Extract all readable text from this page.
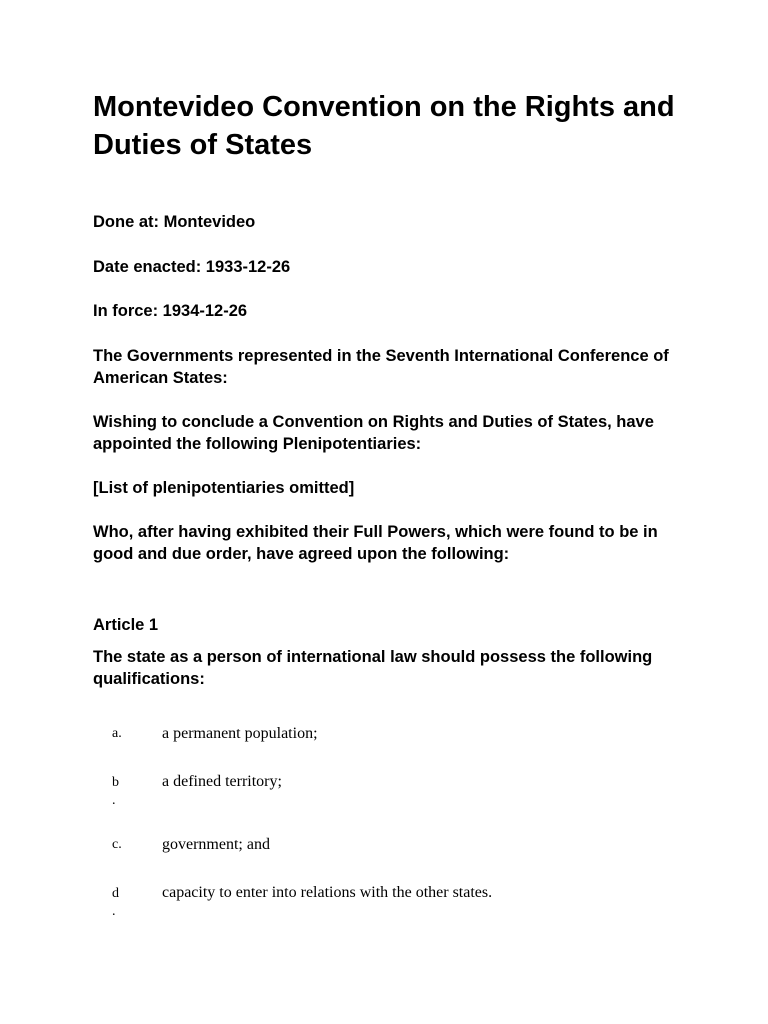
Montevideo Convention on the Rights and Duties of States

Done at: Montevideo

Date enacted: 1933-12-26

In force: 1934-12-26

The Governments represented in the Seventh International Conference of American States:

Wishing to conclude a Convention on Rights and Duties of States, have appointed the following Plenipotentiaries:

[List of plenipotentiaries omitted]

Who, after having exhibited their Full Powers, which were found to be in good and due order, have agreed upon the following:

Article 1

The state as a person of international law should possess the following qualifications:

a.	a permanent population;
b
.
a defined territory;
c.	government; and
d
.
capacity to enter into relations with the other states.
